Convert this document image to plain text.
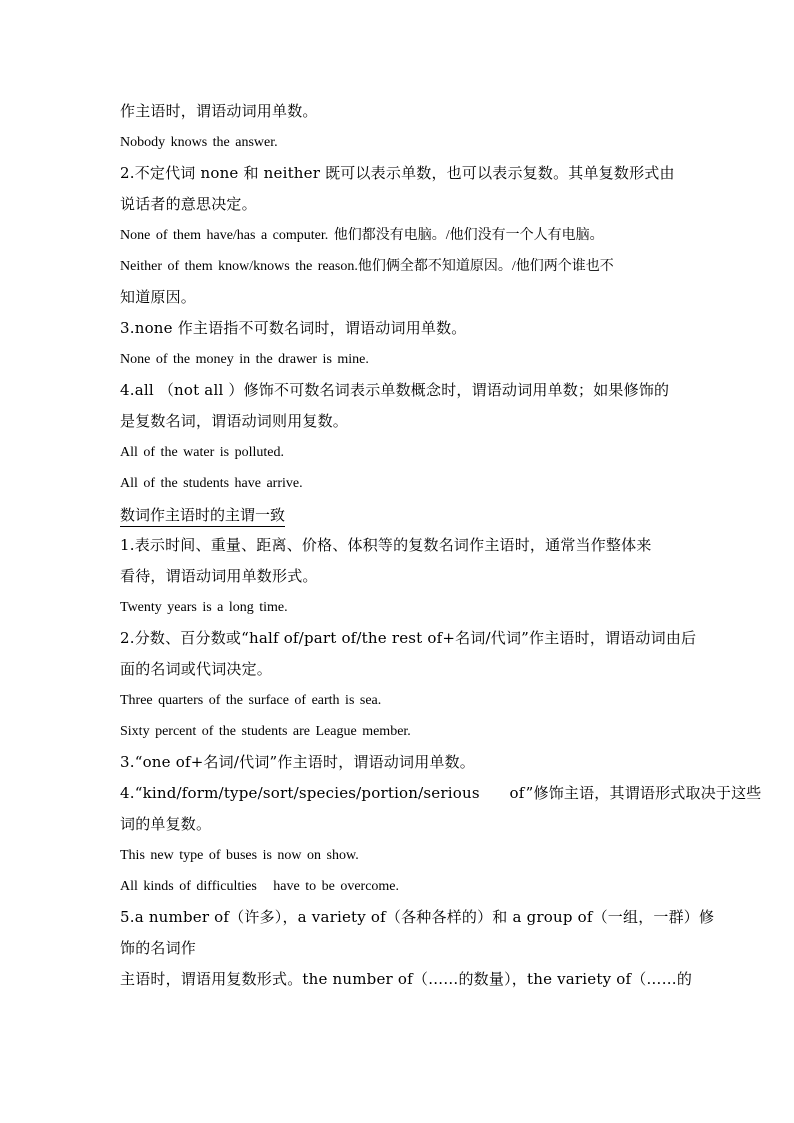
作主语时，谓语动词用单数。
Nobody knows the answer.
2.不定代词 none 和 neither 既可以表示单数，也可以表示复数。其单复数形式由
说话者的意思决定。
None of them have/has a computer. 他们都没有电脑。/他们没有一个人有电脑。
Neither of them know/knows the reason.他们俩全都不知道原因。/他们两个谁也不
知道原因。
3.none 作主语指不可数名词时，谓语动词用单数。
None of the money in the drawer is mine.
4.all （not all ）修饰不可数名词表示单数概念时，谓语动词用单数；如果修饰的
是复数名词，谓语动词则用复数。
All of the water is polluted.
All of the students have arrive.
数词作主语时的主谓一致
1.表示时间、重量、距离、价格、体积等的复数名词作主语时，通常当作整体来
看待，谓语动词用单数形式。
Twenty years is a long time.
2.分数、百分数或“half of/part of/the rest of+名词/代词”作主语时，谓语动词由后
面的名词或代词决定。
Three quarters of the surface of earth is sea.
Sixty percent of the students are League member.
3.“one of+名词/代词”作主语时，谓语动词用单数。
4.“kind/form/type/sort/species/portion/serious      of”修饰主语，其谓语形式取决于这些
词的单复数。
This new type of buses is now on show.
All kinds of difficulties   have to be overcome.
5.a number of（许多），a variety of（各种各样的）和 a group of（一组，一群）修
饰的名词作
主语时，谓语用复数形式。the number of（……的数量），the variety of（……的
